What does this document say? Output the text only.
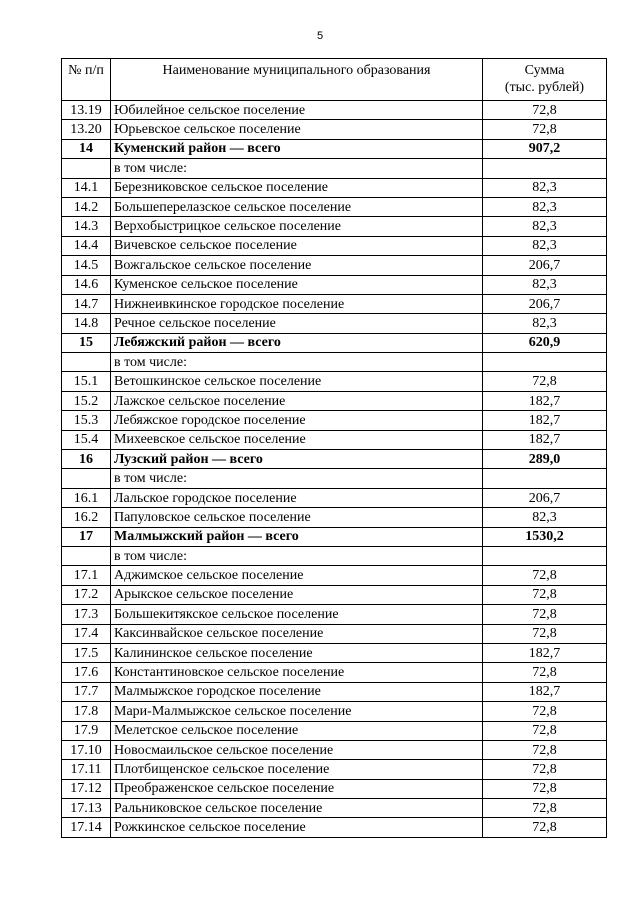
5
№ п/п	Наименование муниципального образования	Сумма
(тыс. рублей)
13.19	Юбилейное сельское поселение	72,8
13.20	Юрьевское сельское поселение	72,8
14	Куменский район — всего	907,2
	в том числе:	
14.1	Березниковское сельское поселение	82,3
14.2	Большеперелазское сельское поселение	82,3
14.3	Верхобыстрицкое сельское поселение	82,3
14.4	Вичевское сельское поселение	82,3
14.5	Вожгальское сельское поселение	206,7
14.6	Куменское сельское поселение	82,3
14.7	Нижнеивкинское городское поселение	206,7
14.8	Речное сельское поселение	82,3
15	Лебяжский район — всего	620,9
	в том числе:	
15.1	Ветошкинское сельское поселение	72,8
15.2	Лажское сельское поселение	182,7
15.3	Лебяжское городское поселение	182,7
15.4	Михеевское сельское поселение	182,7
16	Лузский район — всего	289,0
	в том числе:	
16.1	Лальское городское поселение	206,7
16.2	Папуловское сельское поселение	82,3
17	Малмыжский район — всего	1530,2
	в том числе:	
17.1	Аджимское сельское поселение	72,8
17.2	Арыкское сельское поселение	72,8
17.3	Большекитякское сельское поселение	72,8
17.4	Каксинвайское сельское поселение	72,8
17.5	Калининское сельское поселение	182,7
17.6	Константиновское сельское поселение	72,8
17.7	Малмыжское городское поселение	182,7
17.8	Мари-Малмыжское сельское поселение	72,8
17.9	Мелетское сельское поселение	72,8
17.10	Новосмаильское сельское поселение	72,8
17.11	Плотбищенское сельское поселение	72,8
17.12	Преображенское сельское поселение	72,8
17.13	Ральниковское сельское поселение	72,8
17.14	Рожкинское сельское поселение	72,8
